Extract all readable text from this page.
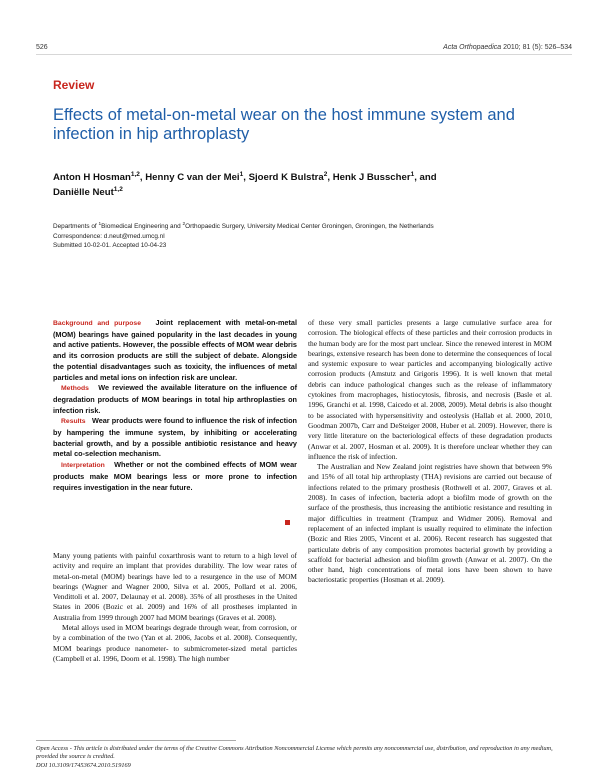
526	Acta Orthopaedica 2010; 81 (5): 526–534
Review
Effects of metal-on-metal wear on the host immune system and infection in hip arthroplasty
Anton H Hosman$^{1,2}$, Henny C van der Mei$^1$, Sjoerd K Bulstra$^2$, Henk J Busscher$^1$, and
Daniëlle Neut$^{1,2}$
Departments of $^1$Biomedical Engineering and $^2$Orthopaedic Surgery, University Medical Center Groningen, Groningen, the Netherlands
Correspondence: d.neut@med.umcg.nl
Submitted 10-02-01. Accepted 10-04-23

Background and purpose Joint replacement with metal-on-metal (MOM) bearings have gained popularity in the last decades in young and active patients. However, the possible effects of MOM wear debris and its corrosion products are still the subject of debate. Alongside the potential disadvantages such as toxicity, the influences of metal particles and metal ions on infection risk are unclear.

Methods We reviewed the available literature on the influence of degradation products of MOM bearings in total hip arthroplasties on infection risk.

Results Wear products were found to influence the risk of infection by hampering the immune system, by inhibiting or accelerating bacterial growth, and by a possible antibiotic resistance and heavy metal co-selection mechanism.

Interpretation Whether or not the combined effects of MOM wear products make MOM bearings less or more prone to infection requires investigation in the near future.

Many young patients with painful coxarthrosis want to return to a high level of activity and require an implant that provides durability. The low wear rates of metal-on-metal (MOM) bearings have led to a resurgence in the use of MOM bearings (Wagner and Wagner 2000, Silva et al. 2005, Pollard et al. 2006, Vendittoli et al. 2007, Delaunay et al. 2008). 35% of all prostheses in the United States in 2006 (Bozic et al. 2009) and 16% of all prostheses implanted in Australia from 1999 through 2007 had MOM bearings (Graves et al. 2008).

Metal alloys used in MOM bearings degrade through wear, from corrosion, or by a combination of the two (Yan et al. 2006, Jacobs et al. 2008). Consequently, MOM bearings produce nanometer- to submicrometer-sized metal particles (Campbell et al. 1996, Doorn et al. 1998). The high number

of these very small particles presents a large cumulative surface area for corrosion. The biological effects of these particles and their corrosion products in the human body are for the most part unclear. Since the renewed interest in MOM bearings, extensive research has been done to determine the consequences of local and systemic exposure to wear particles and accompanying biologically active corrosion products (Amstutz and Grigoris 1996). It is well known that metal debris can induce pathological changes such as the release of inflammatory cytokines from macrophages, histiocytosis, fibrosis, and necrosis (Basle et al. 1996, Granchi et al. 1998, Caicedo et al. 2008, 2009). Metal debris is also thought to be associated with hypersensitivity and osteolysis (Hallab et al. 2000, 2010, Goodman 2007b, Carr and DeSteiger 2008, Huber et al. 2009). However, there is very little literature on the bacteriological effects of these degradation products (Anwar et al. 2007, Hosman et al. 2009). It is therefore unclear whether they can influence the risk of infection.

The Australian and New Zealand joint registries have shown that between 9% and 15% of all total hip arthroplasty (THA) revisions are carried out because of infections related to the primary prosthesis (Rothwell et al. 2007, Graves et al. 2008). In cases of infection, bacteria adopt a biofilm mode of growth on the surface of the prosthesis, thus increasing the antibiotic resistance and resulting in major difficulties in treatment (Trampuz and Widmer 2006). Removal and replacement of an infected implant is usually required to eliminate the infection (Bozic and Ries 2005, Vincent et al. 2006). Recent research has suggested that particulate debris of any composition promotes bacterial growth by providing a scaffold for bacterial adhesion and biofilm growth (Anwar et al. 2007). On the other hand, high concentrations of metal ions have been shown to have bacteriostatic properties (Hosman et al. 2009).

Open Access - This article is distributed under the terms of the Creative Commons Attribution Noncommercial License which permits any noncommercial use, distribution, and reproduction in any medium, provided the source is credited.
DOI 10.3109/17453674.2010.519169
